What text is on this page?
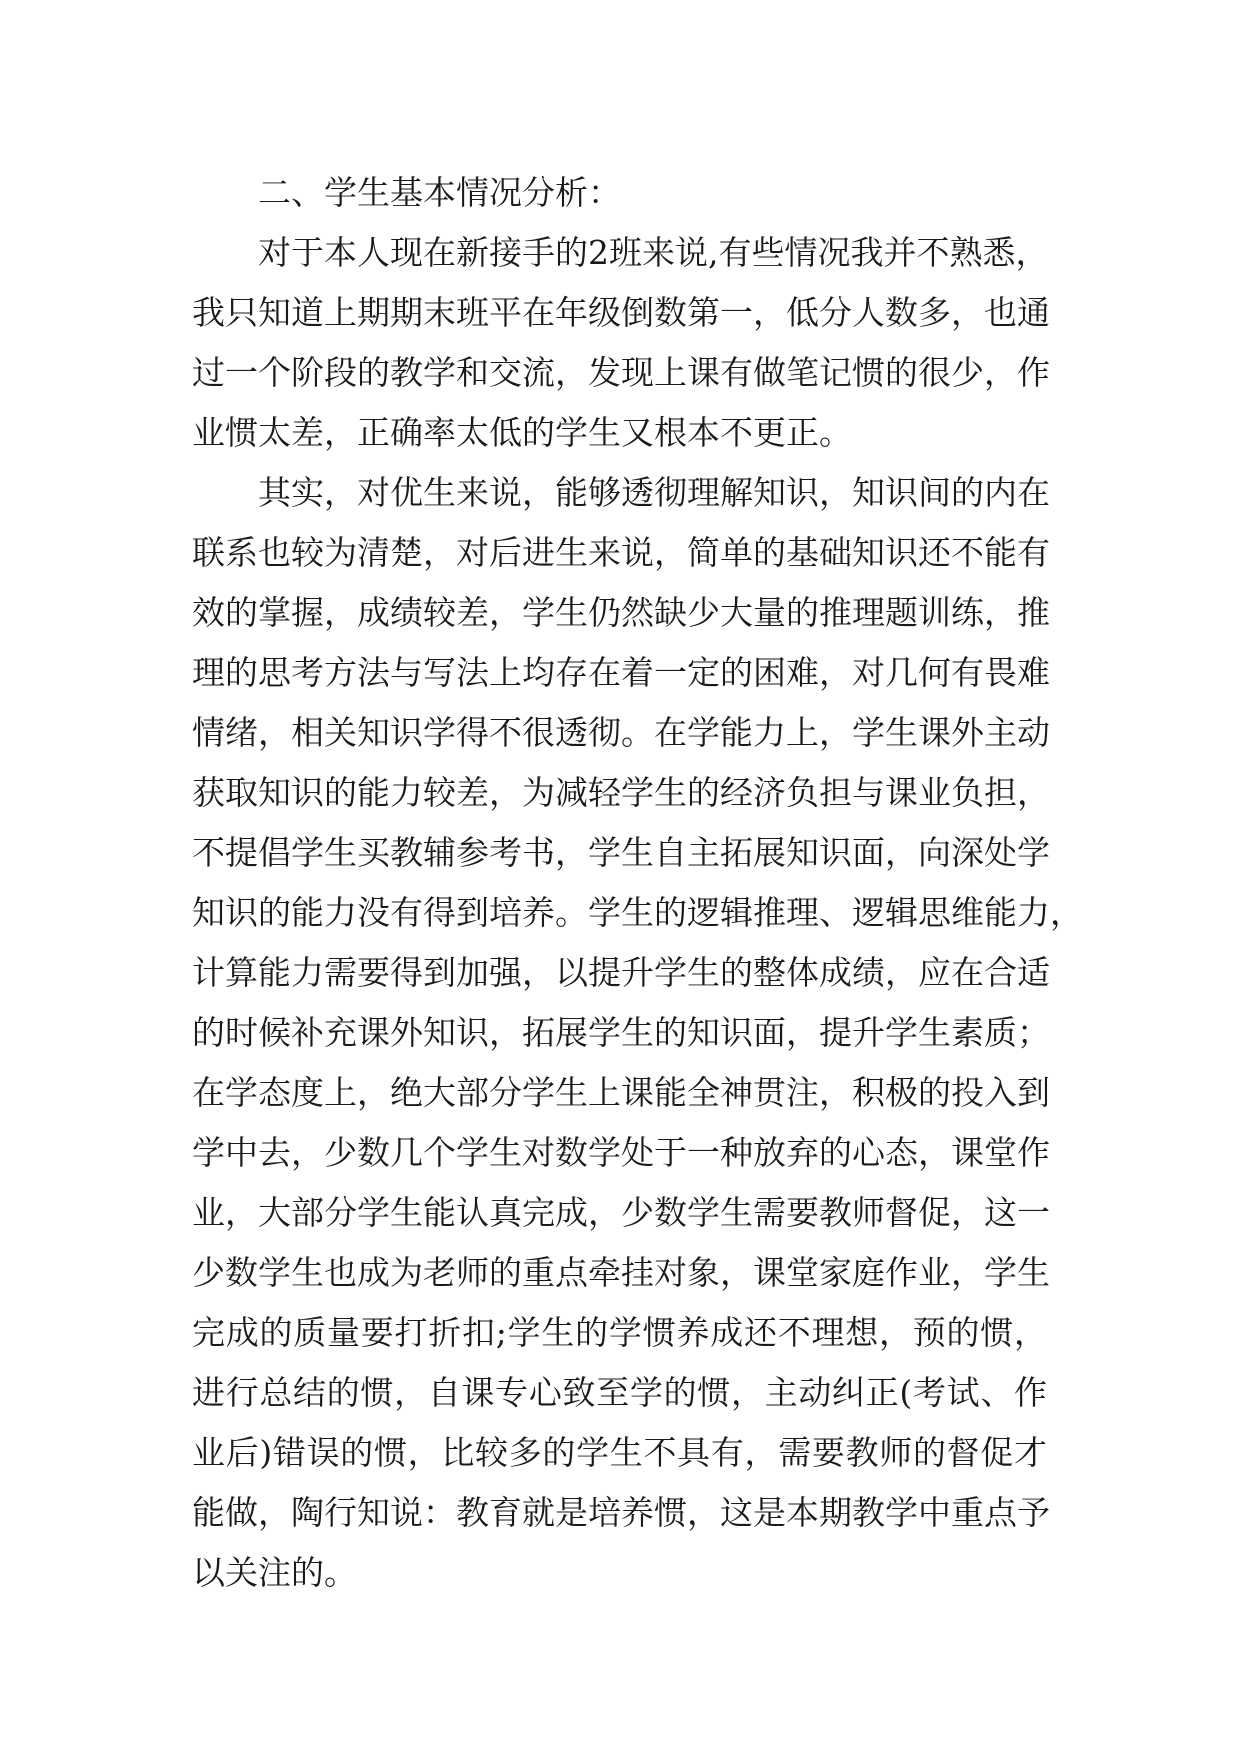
二、学生基本情况分析：
对于本人现在新接手的2班来说,有些情况我并不熟悉，
我只知道上期期末班平在年级倒数第一，低分人数多，也通
过一个阶段的教学和交流，发现上课有做笔记惯的很少，作
业惯太差，正确率太低的学生又根本不更正。
其实，对优生来说，能够透彻理解知识，知识间的内在
联系也较为清楚，对后进生来说，简单的基础知识还不能有
效的掌握，成绩较差，学生仍然缺少大量的推理题训练，推
理的思考方法与写法上均存在着一定的困难，对几何有畏难
情绪，相关知识学得不很透彻。在学能力上，学生课外主动
获取知识的能力较差，为减轻学生的经济负担与课业负担，
不提倡学生买教辅参考书，学生自主拓展知识面，向深处学
知识的能力没有得到培养。学生的逻辑推理、逻辑思维能力，
计算能力需要得到加强，以提升学生的整体成绩，应在合适
的时候补充课外知识，拓展学生的知识面，提升学生素质；
在学态度上，绝大部分学生上课能全神贯注，积极的投入到
学中去，少数几个学生对数学处于一种放弃的心态，课堂作
业，大部分学生能认真完成，少数学生需要教师督促，这一
少数学生也成为老师的重点牵挂对象，课堂家庭作业，学生
完成的质量要打折扣;学生的学惯养成还不理想，预的惯，
进行总结的惯，自课专心致至学的惯，主动纠正(考试、作
业后)错误的惯，比较多的学生不具有，需要教师的督促才
能做，陶行知说：教育就是培养惯，这是本期教学中重点予
以关注的。
